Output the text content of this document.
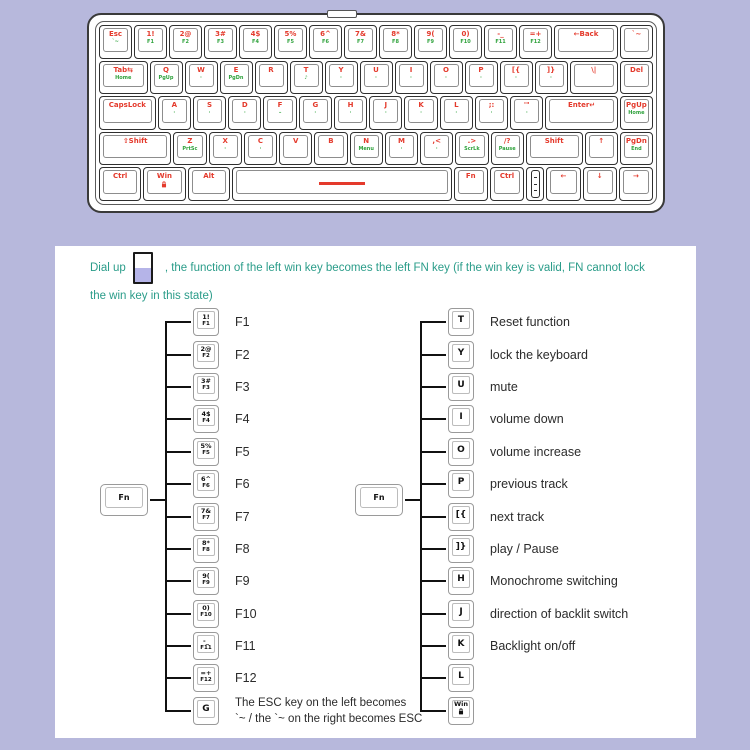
Esc
`~
1!
F1
2@
F2
3#
F3
4$
F4
5%
F5
6^
F6
7&
F7
8*
F8
9(
F9
0)
F10
-_
F11
=+
F12
←Back	`~
Tab⇆
Home
Q
PgUp
W
·
E
PgDn
R	T
♪
Y
·
U
·
I
·
O
·
P
·
[{
·
]}
·
\|	Del
CapsLock	A
·
S
·
D
·
F
–
G
·
H
·
J
·
K
·
L
·
;:
·
'"
·
Enter↵	PgUp
Home
⇧Shift	Z
PrtSc
X
·
C
·
V	B	N
Menu
M
·
,<
·
.>
ScrLk
/?
Pause
Shift	↑	PgDn
End
Ctrl	Win	Alt	Fn	Ctrl	←	↓	→
Dial up	, the function of the left win key becomes the left FN key (if the win key is valid, FN cannot lock
the win key in this state)
Fn
1!
F1 F1
2@
F2 F2
3#
F3 F3
4$
F4 F4
5%
F5 F5
6^
F6 F6
7&
F7 F7
8*
F8 F8
9(
F9 F9
0)
F10 F10
-_
F11 F11
=+
F12 F12
G The ESC key on the left becomes
`~ / the `~ on the right becomes ESC
Fn
T Reset function
Y lock the keyboard
U mute
I volume down
O volume increase
P previous track
[{ next track
]} play / Pause
H Monochrome switching
J direction of backlit switch
K Backlight on/off
L
Win
